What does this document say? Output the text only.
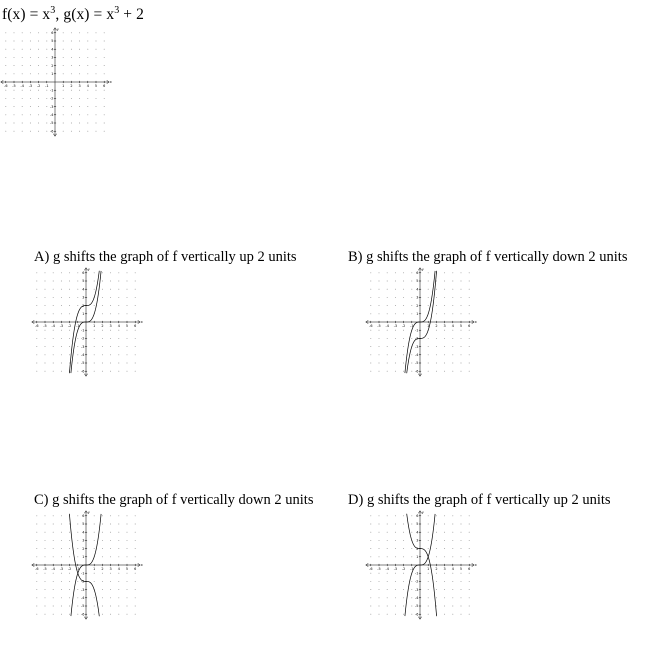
$f(x) = x^3$, $g(x) = x^3 + 2$
-6 -5 -4 -3 -2 -1	1 2 3 4 5 6
6
5
4
3
2
1
-1
-2
-3
-4
-5
-6
x
y
A) g shifts the graph of f vertically up 2 units
-6 -5 -4 -3 -2 -1	1 2 3 4 5 6
6
5
4
3
2
1
-1
-2
-3
-4
-5
-6
x
y
B) g shifts the graph of f vertically down 2 units
-6 -5 -4 -3 -2 -1	1 2 3 4 5 6
6
5
4
3
2
1
-1
-2
-3
-4
-5
-6
x
y
C) g shifts the graph of f vertically down 2 units
-6 -5 -4 -3 -2 -1	1 2 3 4 5 6
6
5
4
3
2
1
-1
-2
-3
-4
-5
-6
x
y
D) g shifts the graph of f vertically up 2 units
-6 -5 -4 -3 -2 -1	1 2 3 4 5 6
6
5
4
3
2
1
-1
-2
-3
-4
-5
-6
x
y
